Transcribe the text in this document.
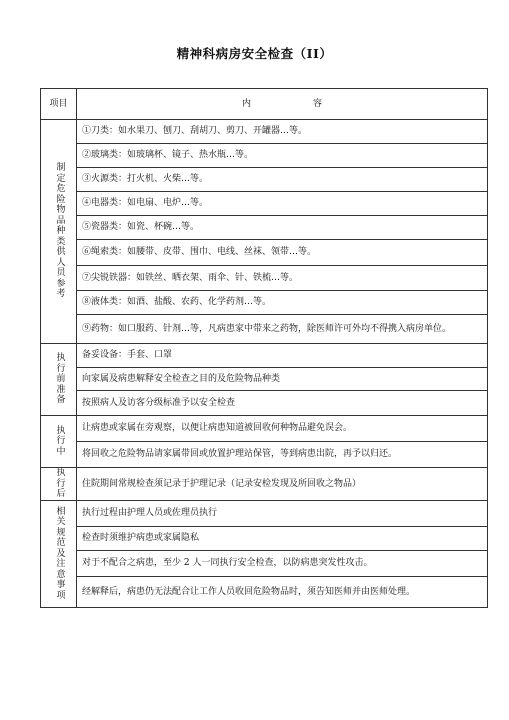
精神科病房安全检查（II）
项目	内 容
制定危险物品种类供人员参考	①刀类：如水果刀、刨刀、刮胡刀、剪刀、开罐器…等。
	②玻璃类：如玻璃杯、镜子、热水瓶…等。
	③火源类：打火机、火柴…等。
	④电器类：如电扇、电炉…等。
	⑤瓷器类：如瓷、杯碗…等。
	⑥绳索类：如腰带、皮带、围巾、电线、丝袜、领带…等。
	⑦尖锐铁器：如铁丝、晒衣架、雨伞、针、铁梳…等。
	⑧液体类：如酒、盐酸、农药、化学药剂…等。
	⑨药物：如口服药、针剂…等，凡病患家中带来之药物，除医师许可外均不得携入病房单位。
执行前准备	备妥设备：手套、口罩
	向家属及病患解释安全检查之目的及危险物品种类
	按照病人及访客分级标准予以安全检查
执行中	让病患或家属在旁观察，以便让病患知道被回收何种物品避免误会。
	将回收之危险物品请家属带回或放置护理站保管，等到病患出院，再予以归还。
执行后	住院期间常规检查须记录于护理记录（记录安检发现及所回收之物品）
相关规范及注意事项	执行过程由护理人员或佐理员执行
	检查时须维护病患或家属隐私
	对于不配合之病患，至少 2 人一同执行安全检查，以防病患突发性攻击。
	经解释后，病患仍无法配合让工作人员收回危险物品时，须告知医师并由医师处理。
